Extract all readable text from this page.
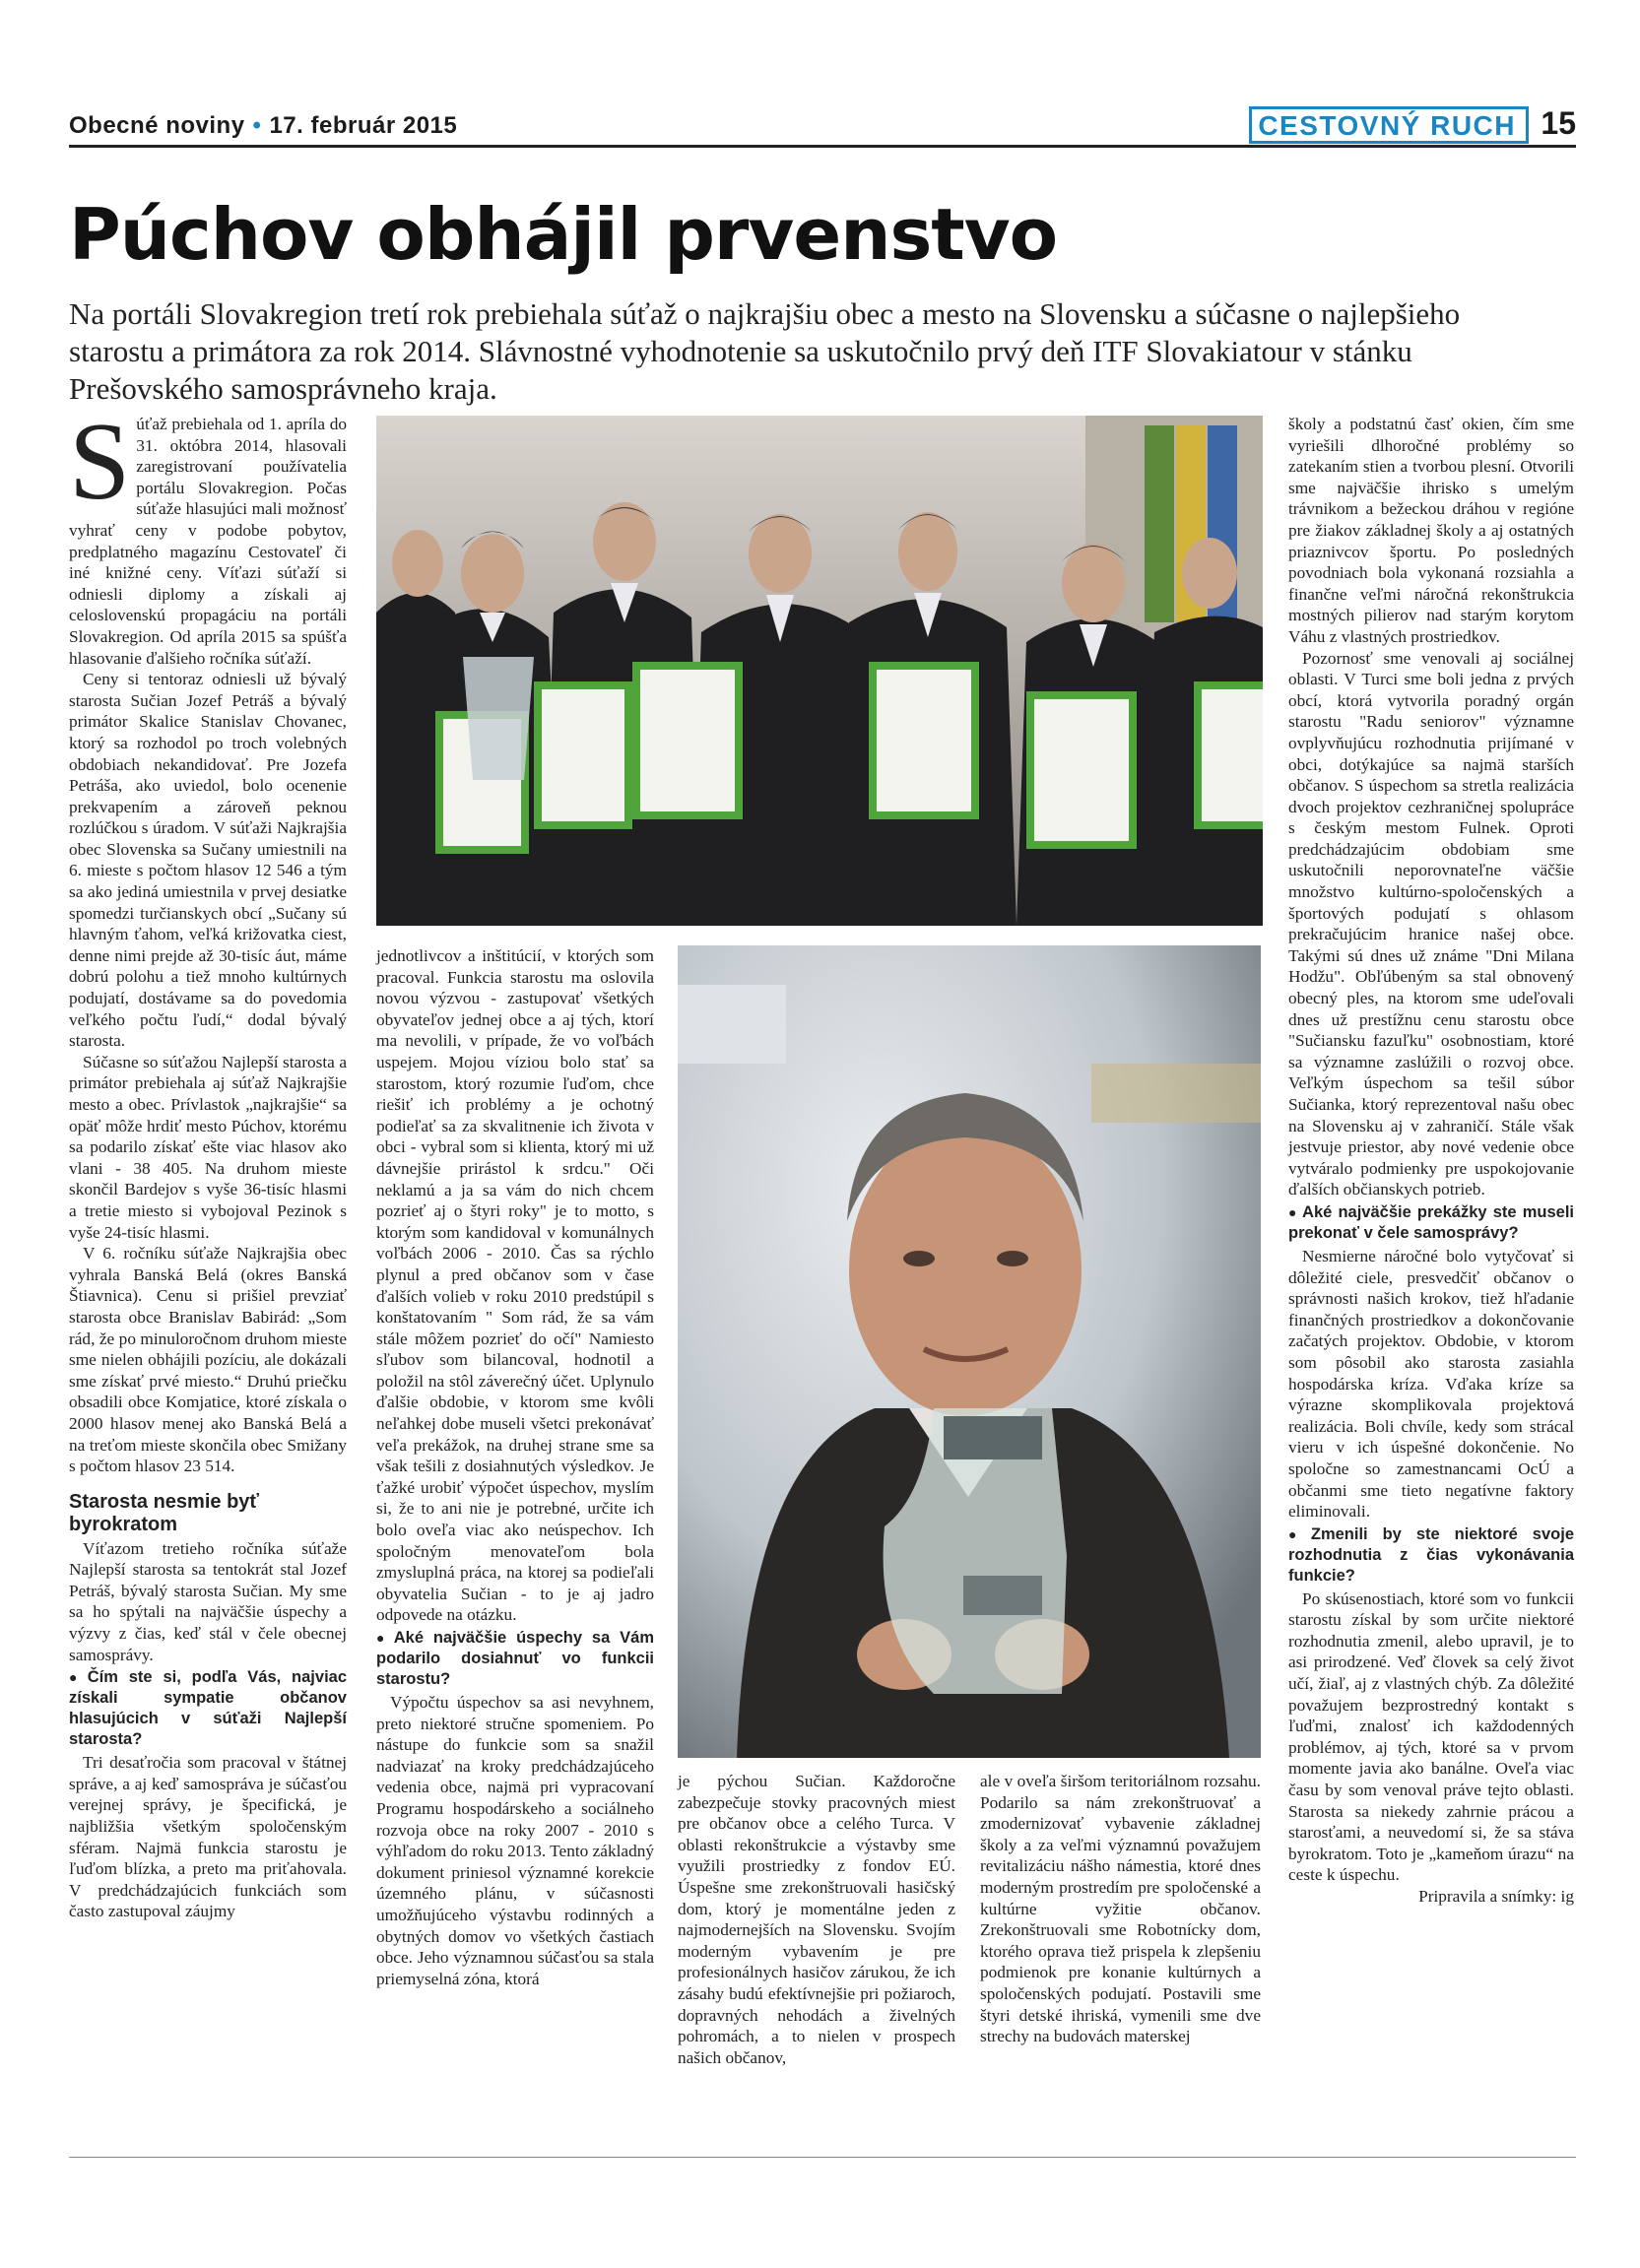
Obecné noviny • 17. február 2015	CESTOVNÝ RUCH 15
Púchov obhájil prvenstvo

Na portáli Slovakregion tretí rok prebiehala súťaž o najkrajšiu obec a mesto na Slovensku a súčasne o najlepšieho starostu a primátora za rok 2014. Slávnostné vyhodnotenie sa uskutočnilo prvý deň ITF Slovakiatour v stánku Prešovského samosprávneho kraja.

Súťaž prebiehala od 1. apríla do 31. októbra 2014, hlasovali zaregistrovaní používatelia portálu Slovakregion. Počas súťaže hlasujúci mali možnosť vyhrať ceny v podobe pobytov, predplatného magazínu Cestovateľ či iné knižné ceny. Víťazi súťaží si odniesli diplomy a získali aj celoslovenskú propagáciu na portáli Slovakregion. Od apríla 2015 sa spúšťa hlasovanie ďalšieho ročníka súťaží.

Ceny si tentoraz odniesli už bývalý starosta Sučian Jozef Petráš a bývalý primátor Skalice Stanislav Chovanec, ktorý sa rozhodol po troch volebných obdobiach nekandidovať. Pre Jozefa Petráša, ako uviedol, bolo ocenenie prekvapením a zároveň peknou rozlúčkou s úradom. V súťaži Najkrajšia obec Slovenska sa Sučany umiestnili na 6. mieste s počtom hlasov 12 546 a tým sa ako jediná umiestnila v prvej desiatke spomedzi turčianskych obcí „Sučany sú hlavným ťahom, veľká križovatka ciest, denne nimi prejde až 30-tisíc áut, máme dobrú polohu a tiež mnoho kultúrnych podujatí, dostávame sa do povedomia veľkého počtu ľudí,“ dodal bývalý starosta.

Súčasne so súťažou Najlepší starosta a primátor prebiehala aj súťaž Najkrajšie mesto a obec. Prívlastok „najkrajšie“ sa opäť môže hrdiť mesto Púchov, ktorému sa podarilo získať ešte viac hlasov ako vlani - 38 405. Na druhom mieste skončil Bardejov s vyše 36-tisíc hlasmi a tretie miesto si vybojoval Pezinok s vyše 24-tisíc hlasmi.

V 6. ročníku súťaže Najkrajšia obec vyhrala Banská Belá (okres Banská Štiavnica). Cenu si prišiel prevziať starosta obce Branislav Babirád: „Som rád, že po minuloročnom druhom mieste sme nielen obhájili pozíciu, ale dokázali sme získať prvé miesto.“ Druhú priečku obsadili obce Komjatice, ktoré získala o 2000 hlasov menej ako Banská Belá a na treťom mieste skončila obec Smižany s počtom hlasov 23 514.

Starosta nesmie byť byrokratom

Víťazom tretieho ročníka súťaže Najlepší starosta sa tentokrát stal Jozef Petráš, bývalý starosta Sučian. My sme sa ho spýtali na najväčšie úspechy a výzvy z čias, keď stál v čele obecnej samosprávy.

● Čím ste si, podľa Vás, najviac získali sympatie občanov hlasujúcich v súťaži Najlepší starosta?

Tri desaťročia som pracoval v štátnej správe, a aj keď samospráva je súčasťou verejnej správy, je špecifická, je najbližšia všetkým spoločenským sféram. Najmä funkcia starostu je ľuďom blízka, a preto ma priťahovala. V predchádzajúcich funkciách som často zastupoval záujmy

jednotlivcov a inštitúcií, v ktorých som pracoval. Funkcia starostu ma oslovila novou výzvou - zastupovať všetkých obyvateľov jednej obce a aj tých, ktorí ma nevolili, v prípade, že vo voľbách uspejem. Mojou víziou bolo stať sa starostom, ktorý rozumie ľuďom, chce riešiť ich problémy a je ochotný podieľať sa za skvalitnenie ich života v obci - vybral som si klienta, ktorý mi už dávnejšie prirástol k srdcu." Oči neklamú a ja sa vám do nich chcem pozrieť aj o štyri roky" je to motto, s ktorým som kandidoval v komunálnych voľbách 2006 - 2010. Čas sa rýchlo plynul a pred občanov som v čase ďalších volieb v roku 2010 predstúpil s konštatovaním " Som rád, že sa vám stále môžem pozrieť do očí" Namiesto sľubov som bilancoval, hodnotil a položil na stôl záverečný účet. Uplynulo ďalšie obdobie, v ktorom sme kvôli neľahkej dobe museli všetci prekonávať veľa prekážok, na druhej strane sme sa však tešili z dosiahnutých výsledkov. Je ťažké urobiť výpočet úspechov, myslím si, že to ani nie je potrebné, určite ich bolo oveľa viac ako neúspechov. Ich spoločným menovateľom bola zmysluplná práca, na ktorej sa podieľali obyvatelia Sučian - to je aj jadro odpovede na otázku.

● Aké najväčšie úspechy sa Vám podarilo dosiahnuť vo funkcii starostu?

Výpočtu úspechov sa asi nevyhnem, preto niektoré stručne spomeniem. Po nástupe do funkcie som sa snažil nadviazať na kroky predchádzajúceho vedenia obce, najmä pri vypracovaní Programu hospodárskeho a sociálneho rozvoja obce na roky 2007 - 2010 s výhľadom do roku 2013. Tento základný dokument priniesol významné korekcie územného plánu, v súčasnosti umožňujúceho výstavbu rodinných a obytných domov vo všetkých častiach obce. Jeho významnou súčasťou sa stala priemyselná zóna, ktorá

je pýchou Sučian. Každoročne zabezpečuje stovky pracovných miest pre občanov obce a celého Turca. V oblasti rekonštrukcie a výstavby sme využili prostriedky z fondov EÚ. Úspešne sme zrekonštruovali hasičský dom, ktorý je momentálne jeden z najmodernejších na Slovensku. Svojím moderným vybavením je pre profesionálnych hasičov zárukou, že ich zásahy budú efektívnejšie pri požiaroch, dopravných nehodách a živelných pohromách, a to nielen v prospech našich občanov,

ale v oveľa širšom teritoriálnom rozsahu. Podarilo sa nám zrekonštruovať a zmodernizovať vybavenie základnej školy a za veľmi významnú považujem revitalizáciu nášho námestia, ktoré dnes moderným prostredím pre spoločenské a kultúrne vyžitie občanov. Zrekonštruovali sme Robotnícky dom, ktorého oprava tiež prispela k zlepšeniu podmienok pre konanie kultúrnych a spoločenských podujatí. Postavili sme štyri detské ihriská, vymenili sme dve strechy na budovách materskej

školy a podstatnú časť okien, čím sme vyriešili dlhoročné problémy so zatekaním stien a tvorbou plesní. Otvorili sme najväčšie ihrisko s umelým trávnikom a bežeckou dráhou v regióne pre žiakov základnej školy a aj ostatných priaznivcov športu. Po posledných povodniach bola vykonaná rozsiahla a finančne veľmi náročná rekonštrukcia mostných pilierov nad starým korytom Váhu z vlastných prostriedkov.

Pozornosť sme venovali aj sociálnej oblasti. V Turci sme boli jedna z prvých obcí, ktorá vytvorila poradný orgán starostu "Radu seniorov" významne ovplyvňujúcu rozhodnutia prijímané v obci, dotýkajúce sa najmä starších občanov. S úspechom sa stretla realizácia dvoch projektov cezhraničnej spolupráce s českým mestom Fulnek. Oproti predchádzajúcim obdobiam sme uskutočnili neporovnateľne väčšie množstvo kultúrno-spoločenských a športových podujatí s ohlasom prekračujúcim hranice našej obce. Takými sú dnes už známe "Dni Milana Hodžu". Obľúbeným sa stal obnovený obecný ples, na ktorom sme udeľovali dnes už prestížnu cenu starostu obce "Sučiansku fazuľku" osobnostiam, ktoré sa významne zaslúžili o rozvoj obce. Veľkým úspechom sa tešil súbor Sučianka, ktorý reprezentoval našu obec na Slovensku aj v zahraničí. Stále však jestvuje priestor, aby nové vedenie obce vytváralo podmienky pre uspokojovanie ďalších občianskych potrieb.

● Aké najväčšie prekážky ste museli prekonať v čele samosprávy?

Nesmierne náročné bolo vytyčovať si dôležité ciele, presvedčiť občanov o správnosti našich krokov, tiež hľadanie finančných prostriedkov a dokončovanie začatých projektov. Obdobie, v ktorom som pôsobil ako starosta zasiahla hospodárska kríza. Vďaka kríze sa výrazne skomplikovala projektová realizácia. Boli chvíle, kedy som strácal vieru v ich úspešné dokončenie. No spoločne so zamestnancami OcÚ a občanmi sme tieto negatívne faktory eliminovali.

● Zmenili by ste niektoré svoje rozhodnutia z čias vykonávania funkcie?

Po skúsenostiach, ktoré som vo funkcii starostu získal by som určite niektoré rozhodnutia zmenil, alebo upravil, je to asi prirodzené. Veď človek sa celý život učí, žiaľ, aj z vlastných chýb. Za dôležité považujem bezprostredný kontakt s ľuďmi, znalosť ich každodenných problémov, aj tých, ktoré sa v prvom momente javia ako banálne. Oveľa viac času by som venoval práve tejto oblasti. Starosta sa niekedy zahrnie prácou a starosťami, a neuvedomí si, že sa stáva byrokratom. Toto je „kameňom úrazu“ na ceste k úspechu.

Pripravila a snímky: ig
